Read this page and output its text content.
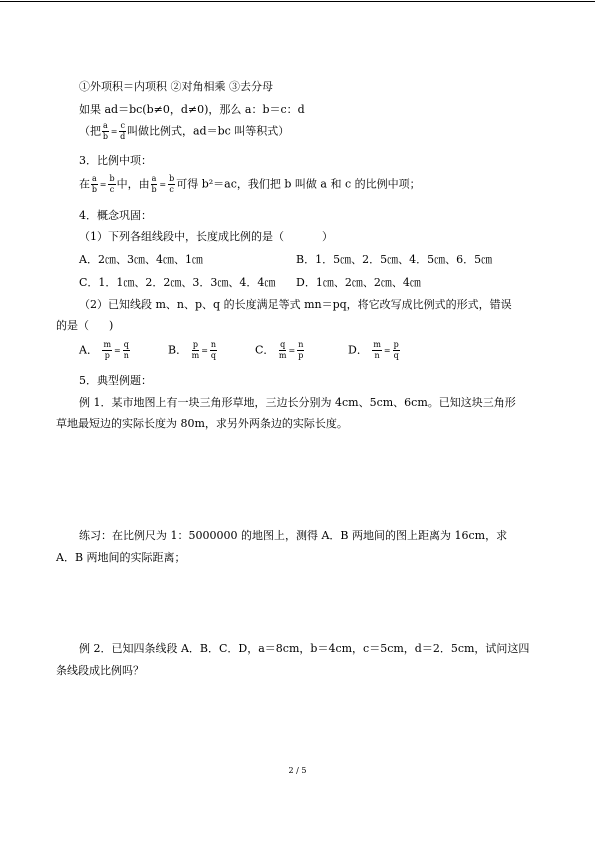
①外项积＝内项积 ②对角相乘 ③去分母
如果 ad＝bc(b≠0，d≠0)，那么 a：b＝c：d
（把 $\frac{a}{b} = \frac{c}{d}$ 叫做比例式，ad＝bc 叫等积式）
3．比例中项：
在 $\frac{a}{b} = \frac{b}{c}$ 中，由 $\frac{a}{b} = \frac{b}{c}$ 可得 b²＝ac，我们把 b 叫做 a 和 c 的比例中项；
4．概念巩固：
（1）下列各组线段中，长度成比例的是（	）
A．2㎝、3㎝、4㎝、1㎝	B．1．5㎝、2．5㎝、4．5㎝、6．5㎝
C．1．1㎝、2．2㎝、3．3㎝、4．4㎝ D．1㎝、2㎝、2㎝、4㎝
（2）已知线段 m、n、p、q 的长度满足等式 mn＝pq，将它改写成比例式的形式，错误
的是（ )
A． $\frac{m}{p} = \frac{q}{n}$	B． $\frac{p}{m} = \frac{n}{q}$	C． $\frac{q}{m} = \frac{n}{p}$	D． $\frac{m}{n} = \frac{p}{q}$
5．典型例题：
例 1．某市地图上有一块三角形草地，三边长分别为 4cm、5cm、6cm。已知这块三角形
草地最短边的实际长度为 80m，求另外两条边的实际长度。
练习：在比例尺为 1：5000000 的地图上，测得 A．B 两地间的图上距离为 16cm，求
A．B 两地间的实际距离；
例 2．已知四条线段 A．B．C．D，a＝8cm，b＝4cm，c＝5cm，d＝2．5cm，试问这四
条线段成比例吗？
2 / 5
